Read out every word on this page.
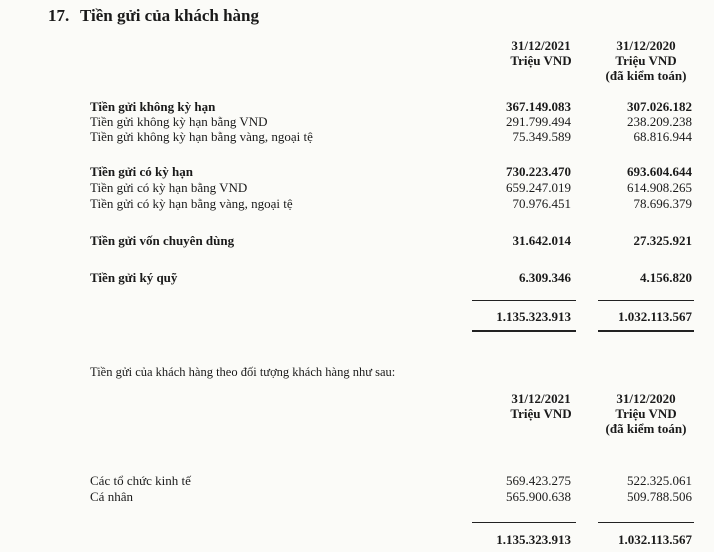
17. Tiền gửi của khách hàng
31/12/2021
Triệu VND
31/12/2020
Triệu VND
(đã kiểm toán)
Tiền gửi không kỳ hạn	367.149.083	307.026.182
Tiền gửi không kỳ hạn bằng VND	291.799.494	238.209.238
Tiền gửi không kỳ hạn bằng vàng, ngoại tệ	75.349.589	68.816.944
Tiền gửi có kỳ hạn	730.223.470	693.604.644
Tiền gửi có kỳ hạn bằng VND	659.247.019	614.908.265
Tiền gửi có kỳ hạn bằng vàng, ngoại tệ	70.976.451	78.696.379
Tiền gửi vốn chuyên dùng	31.642.014	27.325.921
Tiền gửi ký quỹ	6.309.346	4.156.820
1.135.323.913	1.032.113.567
Tiền gửi của khách hàng theo đối tượng khách hàng như sau:
31/12/2021
Triệu VND
31/12/2020
Triệu VND
(đã kiểm toán)
Các tổ chức kinh tế	569.423.275	522.325.061
Cá nhân	565.900.638	509.788.506
1.135.323.913	1.032.113.567
